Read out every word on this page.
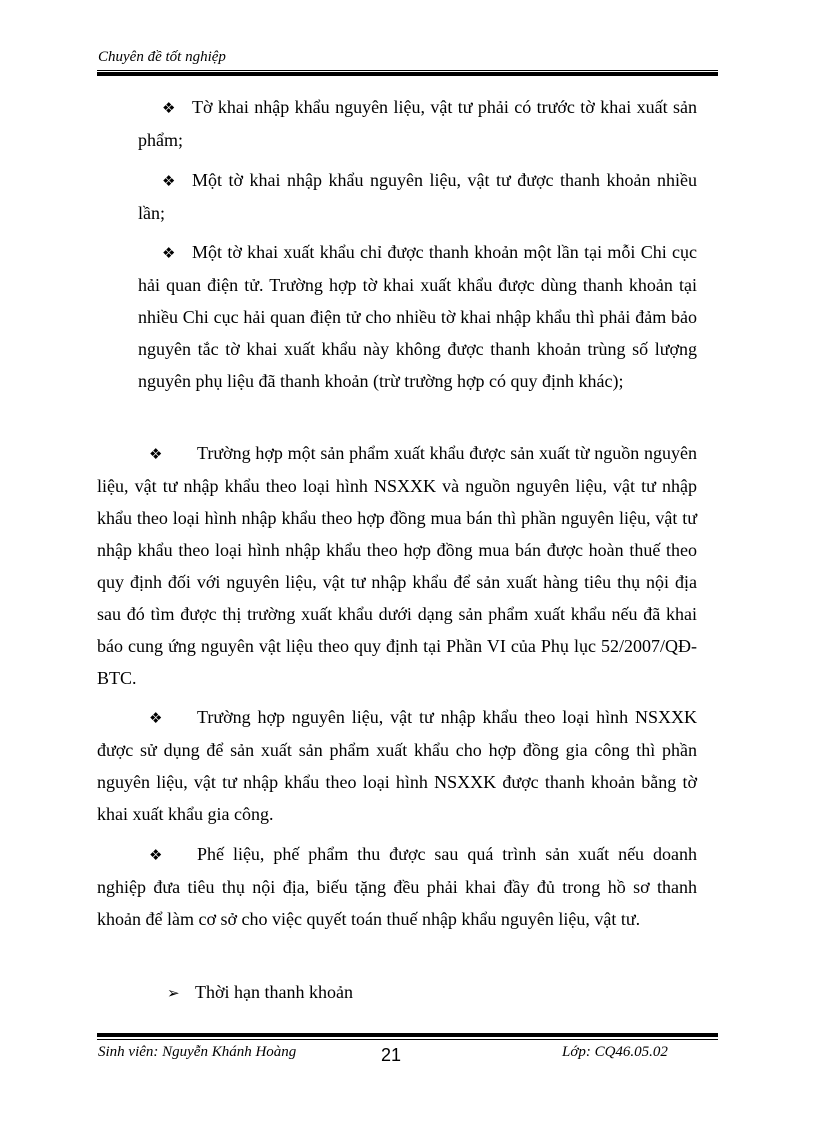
Chuyên đề tốt nghiệp
❖ Tờ khai nhập khẩu nguyên liệu, vật tư phải có trước tờ khai xuất sản phẩm;
❖ Một tờ khai nhập khẩu nguyên liệu, vật tư được thanh khoản nhiều lần;
❖ Một tờ khai xuất khẩu chỉ được thanh khoản một lần tại mỗi Chi cục hải quan điện tử. Trường hợp tờ khai xuất khẩu được dùng thanh khoản tại nhiều Chi cục hải quan điện tử cho nhiều tờ khai nhập khẩu thì phải đảm bảo nguyên tắc tờ khai xuất khẩu này không được thanh khoản trùng số lượng nguyên phụ liệu đã thanh khoản (trừ trường hợp có quy định khác);
❖ Trường hợp một sản phẩm xuất khẩu được sản xuất từ nguồn nguyên liệu, vật tư nhập khẩu theo loại hình NSXXK và nguồn nguyên liệu, vật tư nhập khẩu theo loại hình nhập khẩu theo hợp đồng mua bán thì phần nguyên liệu, vật tư nhập khẩu theo loại hình nhập khẩu theo hợp đồng mua bán được hoàn thuế theo quy định đối với nguyên liệu, vật tư nhập khẩu để sản xuất hàng tiêu thụ nội địa sau đó tìm được thị trường xuất khẩu dưới dạng sản phẩm xuất khẩu nếu đã khai báo cung ứng nguyên vật liệu theo quy định tại Phần VI của Phụ lục 52/2007/QĐ-BTC.
❖ Trường hợp nguyên liệu, vật tư nhập khẩu theo loại hình NSXXK được sử dụng để sản xuất sản phẩm xuất khẩu cho hợp đồng gia công thì phần nguyên liệu, vật tư nhập khẩu theo loại hình NSXXK được thanh khoản bằng tờ khai xuất khẩu gia công.
❖ Phế liệu, phế phẩm thu được sau quá trình sản xuất nếu doanh nghiệp đưa tiêu thụ nội địa, biếu tặng đều phải khai đầy đủ trong hồ sơ thanh khoản để làm cơ sở cho việc quyết toán thuế nhập khẩu nguyên liệu, vật tư.
➢ Thời hạn thanh khoản
Sinh viên: Nguyễn Khánh Hoàng	21	Lớp: CQ46.05.02
